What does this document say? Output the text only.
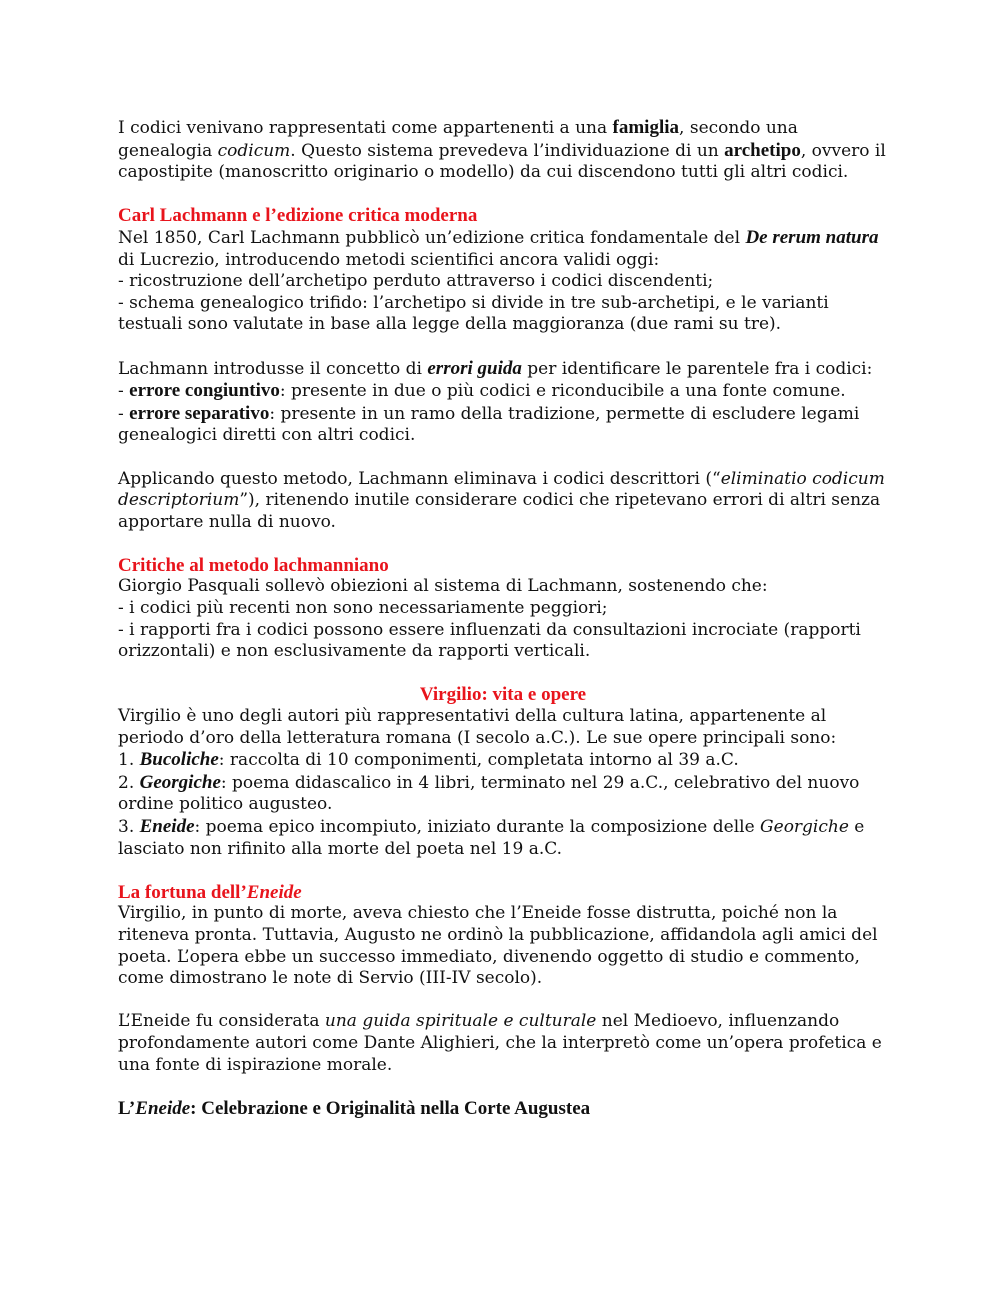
I codici venivano rappresentati come appartenenti a una famiglia, secondo una genealogia codicum. Questo sistema prevedeva l’individuazione di un archetipo, ovvero il capostipite (manoscritto originario o modello) da cui discendono tutti gli altri codici.

Carl Lachmann e l’edizione critica moderna

Nel 1850, Carl Lachmann pubblicò un’edizione critica fondamentale del De rerum natura di Lucrezio, introducendo metodi scientifici ancora validi oggi:

- ricostruzione dell’archetipo perduto attraverso i codici discendenti;

- schema genealogico trifido: l’archetipo si divide in tre sub-archetipi, e le varianti testuali sono valutate in base alla legge della maggioranza (due rami su tre).

Lachmann introdusse il concetto di errori guida per identificare le parentele fra i codici:

- errore congiuntivo: presente in due o più codici e riconducibile a una fonte comune.

- errore separativo: presente in un ramo della tradizione, permette di escludere legami genealogici diretti con altri codici.

Applicando questo metodo, Lachmann eliminava i codici descrittori (“eliminatio codicum descriptorium”), ritenendo inutile considerare codici che ripetevano errori di altri senza apportare nulla di nuovo.

Critiche al metodo lachmanniano

Giorgio Pasquali sollevò obiezioni al sistema di Lachmann, sostenendo che:

- i codici più recenti non sono necessariamente peggiori;

- i rapporti fra i codici possono essere influenzati da consultazioni incrociate (rapporti orizzontali) e non esclusivamente da rapporti verticali.

Virgilio: vita e opere

Virgilio è uno degli autori più rappresentativi della cultura latina, appartenente al periodo d’oro della letteratura romana (I secolo a.C.). Le sue opere principali sono:

1. Bucoliche: raccolta di 10 componimenti, completata intorno al 39 a.C.

2. Georgiche: poema didascalico in 4 libri, terminato nel 29 a.C., celebrativo del nuovo ordine politico augusteo.

3. Eneide: poema epico incompiuto, iniziato durante la composizione delle Georgiche e lasciato non rifinito alla morte del poeta nel 19 a.C.

La fortuna dell’Eneide

Virgilio, in punto di morte, aveva chiesto che l’Eneide fosse distrutta, poiché non la riteneva pronta. Tuttavia, Augusto ne ordinò la pubblicazione, affidandola agli amici del poeta. L’opera ebbe un successo immediato, divenendo oggetto di studio e commento, come dimostrano le note di Servio (III-IV secolo).

L’Eneide fu considerata una guida spirituale e culturale nel Medioevo, influenzando profondamente autori come Dante Alighieri, che la interpretò come un’opera profetica e una fonte di ispirazione morale.

L’Eneide: Celebrazione e Originalità nella Corte Augustea
